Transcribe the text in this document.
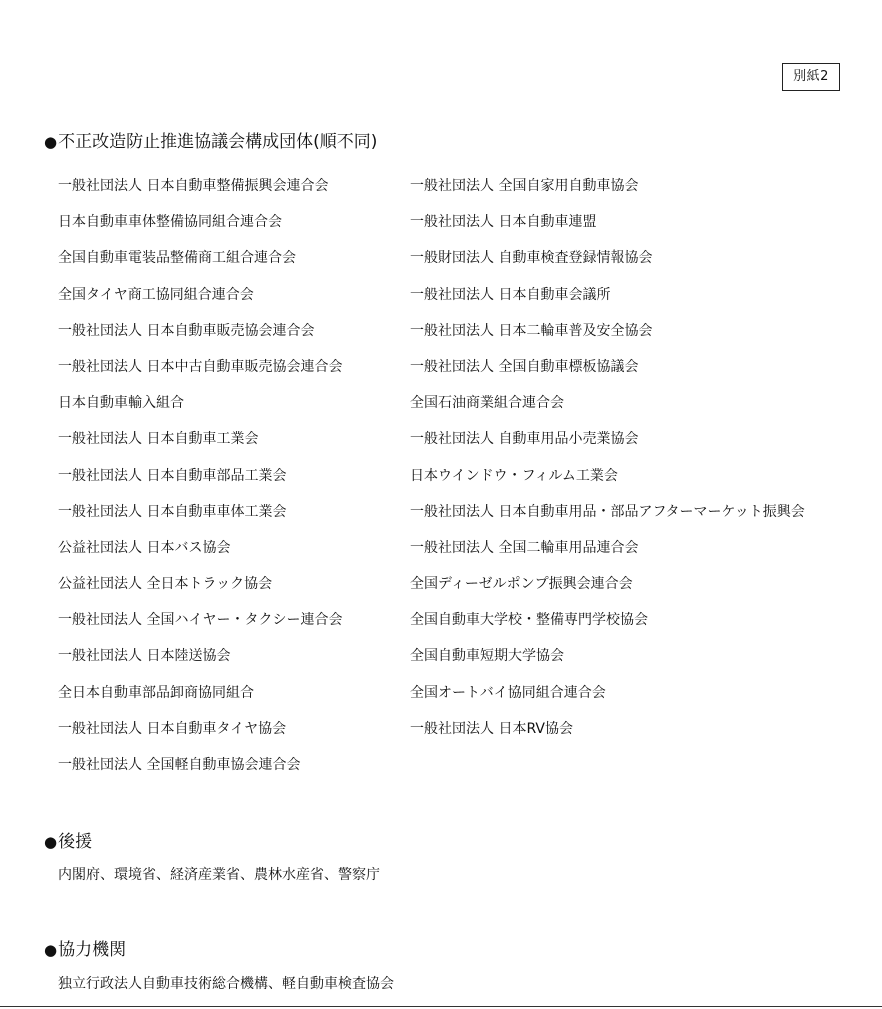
別紙2
●不正改造防止推進協議会構成団体(順不同)
一般社団法人 日本自動車整備振興会連合会	一般社団法人 全国自家用自動車協会
日本自動車車体整備協同組合連合会	一般社団法人 日本自動車連盟
全国自動車電装品整備商工組合連合会	一般財団法人 自動車検査登録情報協会
全国タイヤ商工協同組合連合会	一般社団法人 日本自動車会議所
一般社団法人 日本自動車販売協会連合会	一般社団法人 日本二輪車普及安全協会
一般社団法人 日本中古自動車販売協会連合会	一般社団法人 全国自動車標板協議会
日本自動車輸入組合	全国石油商業組合連合会
一般社団法人 日本自動車工業会	一般社団法人 自動車用品小売業協会
一般社団法人 日本自動車部品工業会	日本ウインドウ・フィルム工業会
一般社団法人 日本自動車車体工業会	一般社団法人 日本自動車用品・部品アフターマーケット振興会
公益社団法人 日本バス協会	一般社団法人 全国二輪車用品連合会
公益社団法人 全日本トラック協会	全国ディーゼルポンプ振興会連合会
一般社団法人 全国ハイヤー・タクシー連合会	全国自動車大学校・整備専門学校協会
一般社団法人 日本陸送協会	全国自動車短期大学協会
全日本自動車部品卸商協同組合	全国オートバイ協同組合連合会
一般社団法人 日本自動車タイヤ協会	一般社団法人 日本RV協会
一般社団法人 全国軽自動車協会連合会
●後援
内閣府、環境省、経済産業省、農林水産省、警察庁
●協力機関
独立行政法人自動車技術総合機構、軽自動車検査協会
